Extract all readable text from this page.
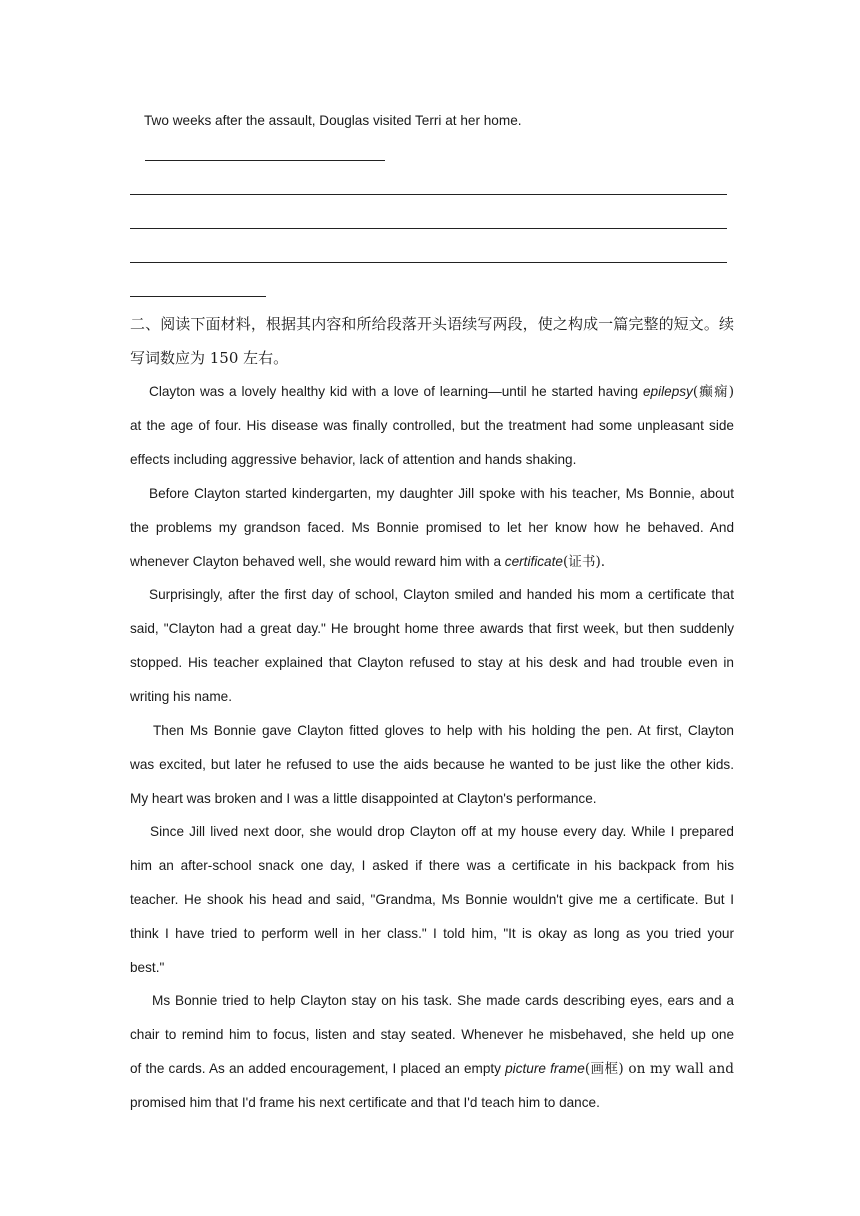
Two weeks after the assault, Douglas visited Terri at her home.
二、阅读下面材料，根据其内容和所给段落开头语续写两段，使之构成一篇完整的短文。续
写词数应为 150 左右。
Clayton was a lovely healthy kid with a love of learning—until he started having epilepsy(癫痫)
at the age of four. His disease was finally controlled, but the treatment had some unpleasant side
effects including aggressive behavior, lack of attention and hands shaking.
Before Clayton started kindergarten, my daughter Jill spoke with his teacher, Ms Bonnie, about
the problems my grandson faced. Ms Bonnie promised to let her know how he behaved. And
whenever Clayton behaved well, she would reward him with a certificate(证书).
Surprisingly, after the first day of school, Clayton smiled and handed his mom a certificate that
said, "Clayton had a great day." He brought home three awards that first week, but then suddenly
stopped. His teacher explained that Clayton refused to stay at his desk and had trouble even in
writing his name.
Then Ms Bonnie gave Clayton fitted gloves to help with his holding the pen. At first, Clayton
was excited, but later he refused to use the aids because he wanted to be just like the other kids.
My heart was broken and I was a little disappointed at Clayton's performance.
Since Jill lived next door, she would drop Clayton off at my house every day. While I prepared
him an after-school snack one day, I asked if there was a certificate in his backpack from his
teacher. He shook his head and said, "Grandma, Ms Bonnie wouldn't give me a certificate. But I
think I have tried to perform well in her class." I told him, "It is okay as long as you tried your
best."
Ms Bonnie tried to help Clayton stay on his task. She made cards describing eyes, ears and a
chair to remind him to focus, listen and stay seated. Whenever he misbehaved, she held up one
of the cards. As an added encouragement, I placed an empty picture frame(画框) on my wall and
promised him that I'd frame his next certificate and that I'd teach him to dance.
